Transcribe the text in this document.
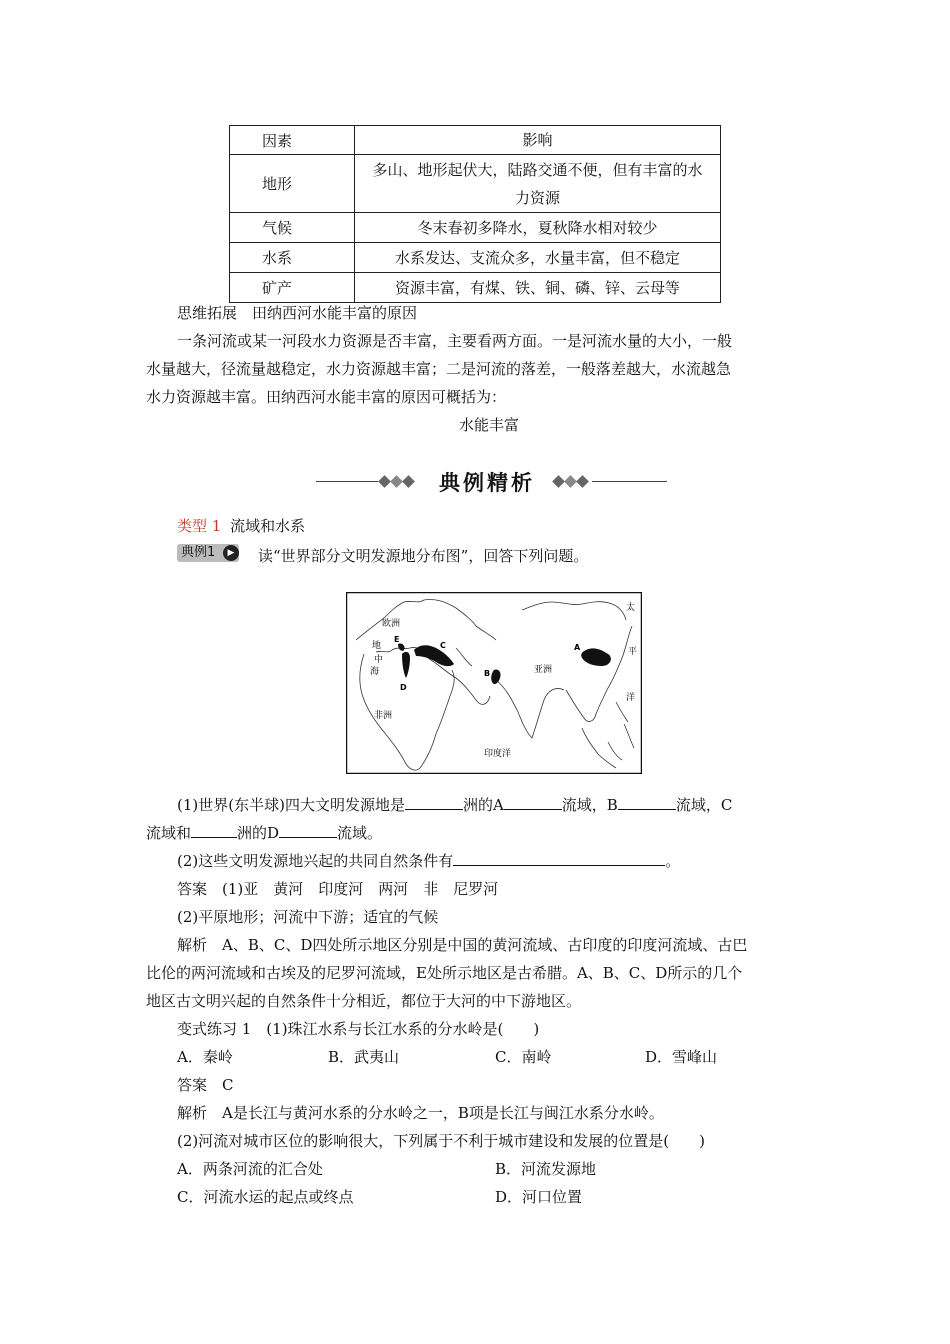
因素	影响
地形	多山、地形起伏大，陆路交通不便，但有丰富的水
力资源
气候	冬末春初多降水，夏秋降水相对较少
水系	水系发达、支流众多，水量丰富，但不稳定
矿产	资源丰富，有煤、铁、铜、磷、锌、云母等
思维拓展　田纳西河水能丰富的原因
一条河流或某一河段水力资源是否丰富，主要看两方面。一是河流水量的大小，一般
水量越大，径流量越稳定，水力资源越丰富；二是河流的落差，一般落差越大，水流越急
水力资源越丰富。田纳西河水能丰富的原因可概括为：
水能丰富
典例精析
类型 1 流域和水系
典例1	▶	读“世界部分文明发源地分布图”，回答下列问题。
欧洲
地
中
海
非洲
亚洲
印度洋
太
平
洋
A
B
C
D
E
(1)世界(东半球)四大文明发源地是	洲的A	流域，B	流域，C
流域和	洲的D	流域。
(2)这些文明发源地兴起的共同自然条件有	。
答案 (1)亚　黄河　印度河　两河　非　尼罗河
(2)平原地形；河流中下游；适宜的气候
解析 A、B、C、D四处所示地区分别是中国的黄河流域、古印度的印度河流域、古巴
比伦的两河流域和古埃及的尼罗河流域，E处所示地区是古希腊。A、B、C、D所示的几个
地区古文明兴起的自然条件十分相近，都位于大河的中下游地区。
变式练习 1　(1)珠江水系与长江水系的分水岭是(　　)
A．秦岭	B．武夷山	C．南岭	D．雪峰山
答案 C
解析 A是长江与黄河水系的分水岭之一，B项是长江与闽江水系分水岭。
(2)河流对城市区位的影响很大，下列属于不利于城市建设和发展的位置是(　　)
A．两条河流的汇合处	B．河流发源地
C．河流水运的起点或终点	D．河口位置
